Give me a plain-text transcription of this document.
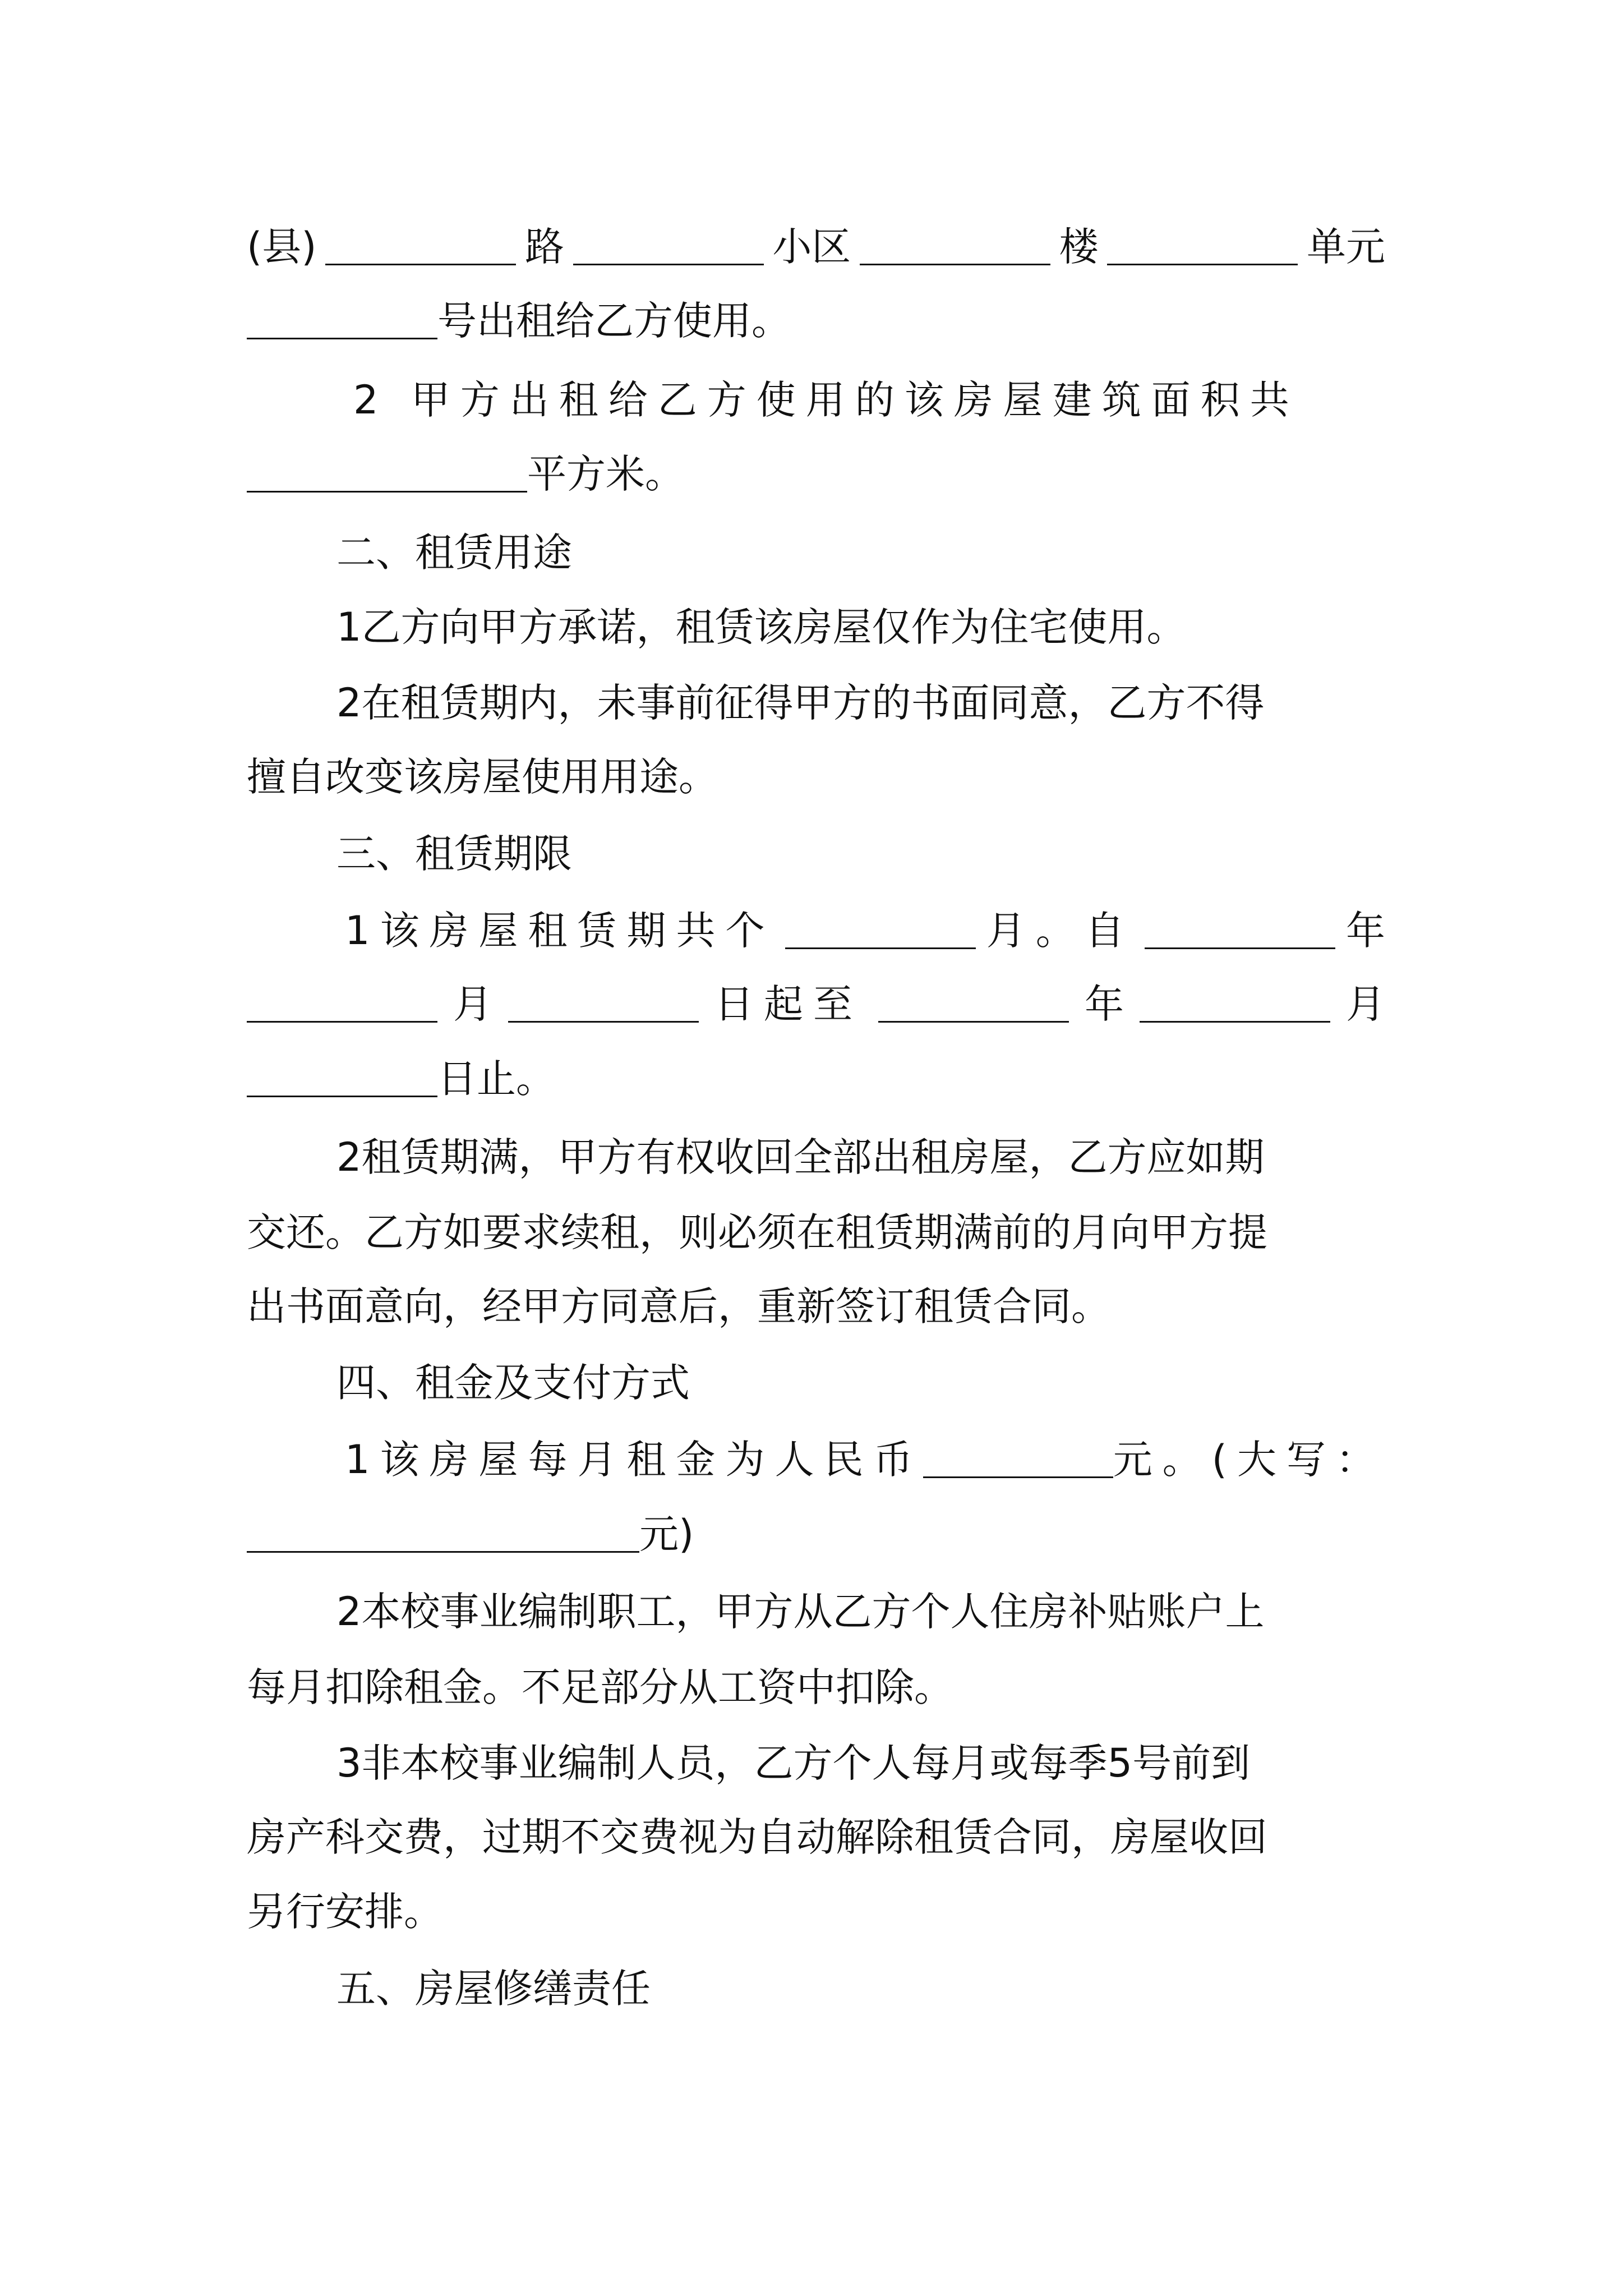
(县)	路	小区	楼	单元
号出租给乙方使用。
2 甲方出租给乙方使用的该房屋建筑面积共
平方米。
二、租赁用途
1乙方向甲方承诺，租赁该房屋仅作为住宅使用。
2在租赁期内，未事前征得甲方的书面同意，乙方不得
擅自改变该房屋使用用途。
三、租赁期限
1该房屋租赁期共个	月。自	年
月	日起至	年	月
日止。
2租赁期满，甲方有权收回全部出租房屋，乙方应如期
交还。乙方如要求续租，则必须在租赁期满前的月向甲方提
出书面意向，经甲方同意后，重新签订租赁合同。
四、租金及支付方式
1该房屋每月租金为人民币	元。(大写：
元)
2本校事业编制职工，甲方从乙方个人住房补贴账户上
每月扣除租金。不足部分从工资中扣除。
3非本校事业编制人员，乙方个人每月或每季5号前到
房产科交费，过期不交费视为自动解除租赁合同，房屋收回
另行安排。
五、房屋修缮责任
